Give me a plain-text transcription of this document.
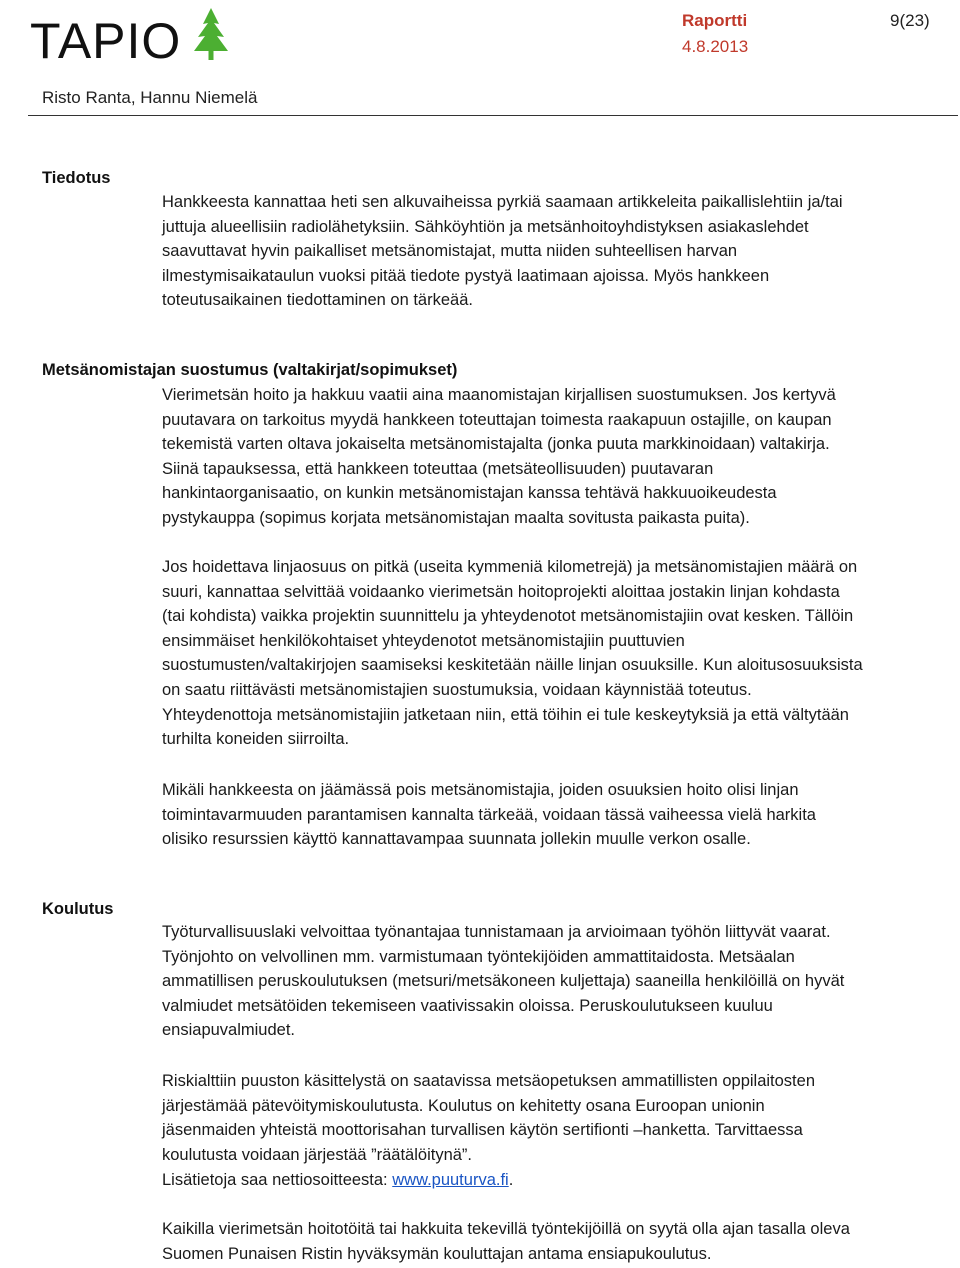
TAPIO	Raportti	9(23)
4.8.2013
Risto Ranta, Hannu Niemelä
Tiedotus

Hankkeesta kannattaa heti sen alkuvaiheissa pyrkiä saamaan artikkeleita paikallislehtiin ja/tai
juttuja alueellisiin radiolähetyksiin. Sähköyhtiön ja metsänhoitoyhdistyksen asiakaslehdet
saavuttavat hyvin paikalliset metsänomistajat, mutta niiden suhteellisen harvan
ilmestymisaikataulun vuoksi pitää tiedote pystyä laatimaan ajoissa. Myös hankkeen
toteutusaikainen tiedottaminen on tärkeää.

Metsänomistajan suostumus (valtakirjat/sopimukset)

Vierimetsän hoito ja hakkuu vaatii aina maanomistajan kirjallisen suostumuksen. Jos kertyvä
puutavara on tarkoitus myydä hankkeen toteuttajan toimesta raakapuun ostajille, on kaupan
tekemistä varten oltava jokaiselta metsänomistajalta (jonka puuta markkinoidaan) valtakirja.
Siinä tapauksessa, että hankkeen toteuttaa (metsäteollisuuden) puutavaran
hankintaorganisaatio, on kunkin metsänomistajan kanssa tehtävä hakkuuoikeudesta
pystykauppa (sopimus korjata metsänomistajan maalta sovitusta paikasta puita).

Jos hoidettava linjaosuus on pitkä (useita kymmeniä kilometrejä) ja metsänomistajien määrä on
suuri, kannattaa selvittää voidaanko vierimetsän hoitoprojekti aloittaa jostakin linjan kohdasta
(tai kohdista) vaikka projektin suunnittelu ja yhteydenotot metsänomistajiin ovat kesken. Tällöin
ensimmäiset henkilökohtaiset yhteydenotot metsänomistajiin puuttuvien
suostumusten/valtakirjojen saamiseksi keskitetään näille linjan osuuksille. Kun aloitusosuuksista
on saatu riittävästi metsänomistajien suostumuksia, voidaan käynnistää toteutus.
Yhteydenottoja metsänomistajiin jatketaan niin, että töihin ei tule keskeytyksiä ja että vältytään
turhilta koneiden siirroilta.

Mikäli hankkeesta on jäämässä pois metsänomistajia, joiden osuuksien hoito olisi linjan
toimintavarmuuden parantamisen kannalta tärkeää, voidaan tässä vaiheessa vielä harkita
olisiko resurssien käyttö kannattavampaa suunnata jollekin muulle verkon osalle.

Koulutus

Työturvallisuuslaki velvoittaa työnantajaa tunnistamaan ja arvioimaan työhön liittyvät vaarat.
Työnjohto on velvollinen mm. varmistumaan työntekijöiden ammattitaidosta. Metsäalan
ammatillisen peruskoulutuksen (metsuri/metsäkoneen kuljettaja) saaneilla henkilöillä on hyvät
valmiudet metsätöiden tekemiseen vaativissakin oloissa. Peruskoulutukseen kuuluu
ensiapuvalmiudet.

Riskialttiin puuston käsittelystä on saatavissa metsäopetuksen ammatillisten oppilaitosten
järjestämää pätevöitymiskoulutusta. Koulutus on kehitetty osana Euroopan unionin
jäsenmaiden yhteistä moottorisahan turvallisen käytön sertifionti –hanketta. Tarvittaessa
koulutusta voidaan järjestää ”räätälöitynä”.

Lisätietoja saa nettiosoitteesta: www.puuturva.fi.

Kaikilla vierimetsän hoitotöitä tai hakkuita tekevillä työntekijöillä on syytä olla ajan tasalla oleva
Suomen Punaisen Ristin hyväksymän kouluttajan antama ensiapukoulutus.
